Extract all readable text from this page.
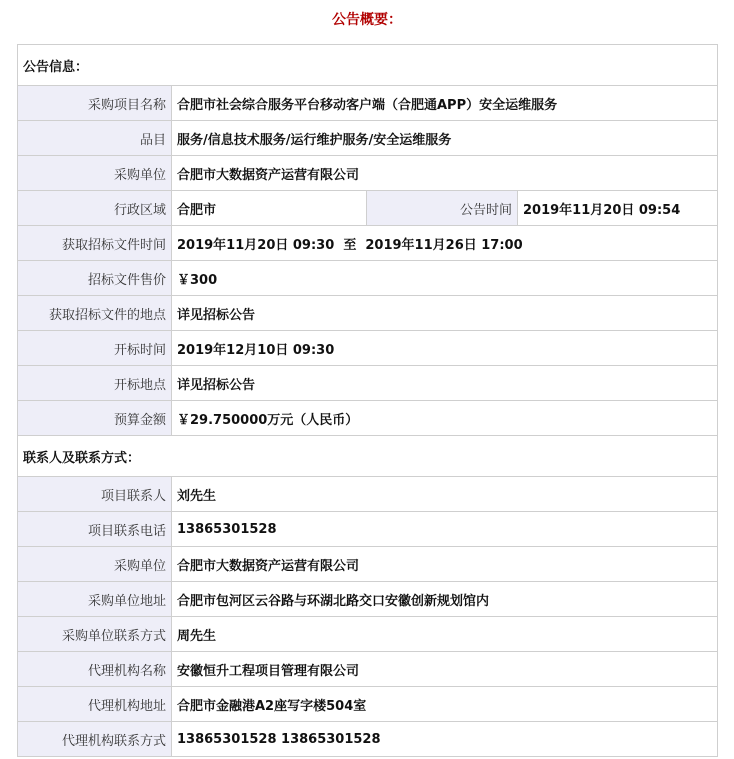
公告概要：
公告信息：			
采购项目名称	合肥市社会综合服务平台移动客户端（合肥通APP）安全运维服务		
品目	服务/信息技术服务/运行维护服务/安全运维服务		
采购单位	合肥市大数据资产运营有限公司		
行政区域	合肥市	公告时间	2019年11月20日 09:54
获取招标文件时间	2019年11月20日 09:30  至  2019年11月26日 17:00		
招标文件售价	￥300		
获取招标文件的地点	详见招标公告		
开标时间	2019年12月10日 09:30		
开标地点	详见招标公告		
预算金额	￥29.750000万元（人民币）		
联系人及联系方式：			
项目联系人	刘先生		
项目联系电话	13865301528		
采购单位	合肥市大数据资产运营有限公司		
采购单位地址	合肥市包河区云谷路与环湖北路交口安徽创新规划馆内		
采购单位联系方式	周先生		
代理机构名称	安徽恒升工程项目管理有限公司		
代理机构地址	合肥市金融港A2座写字楼504室		
代理机构联系方式	13865301528 13865301528		
